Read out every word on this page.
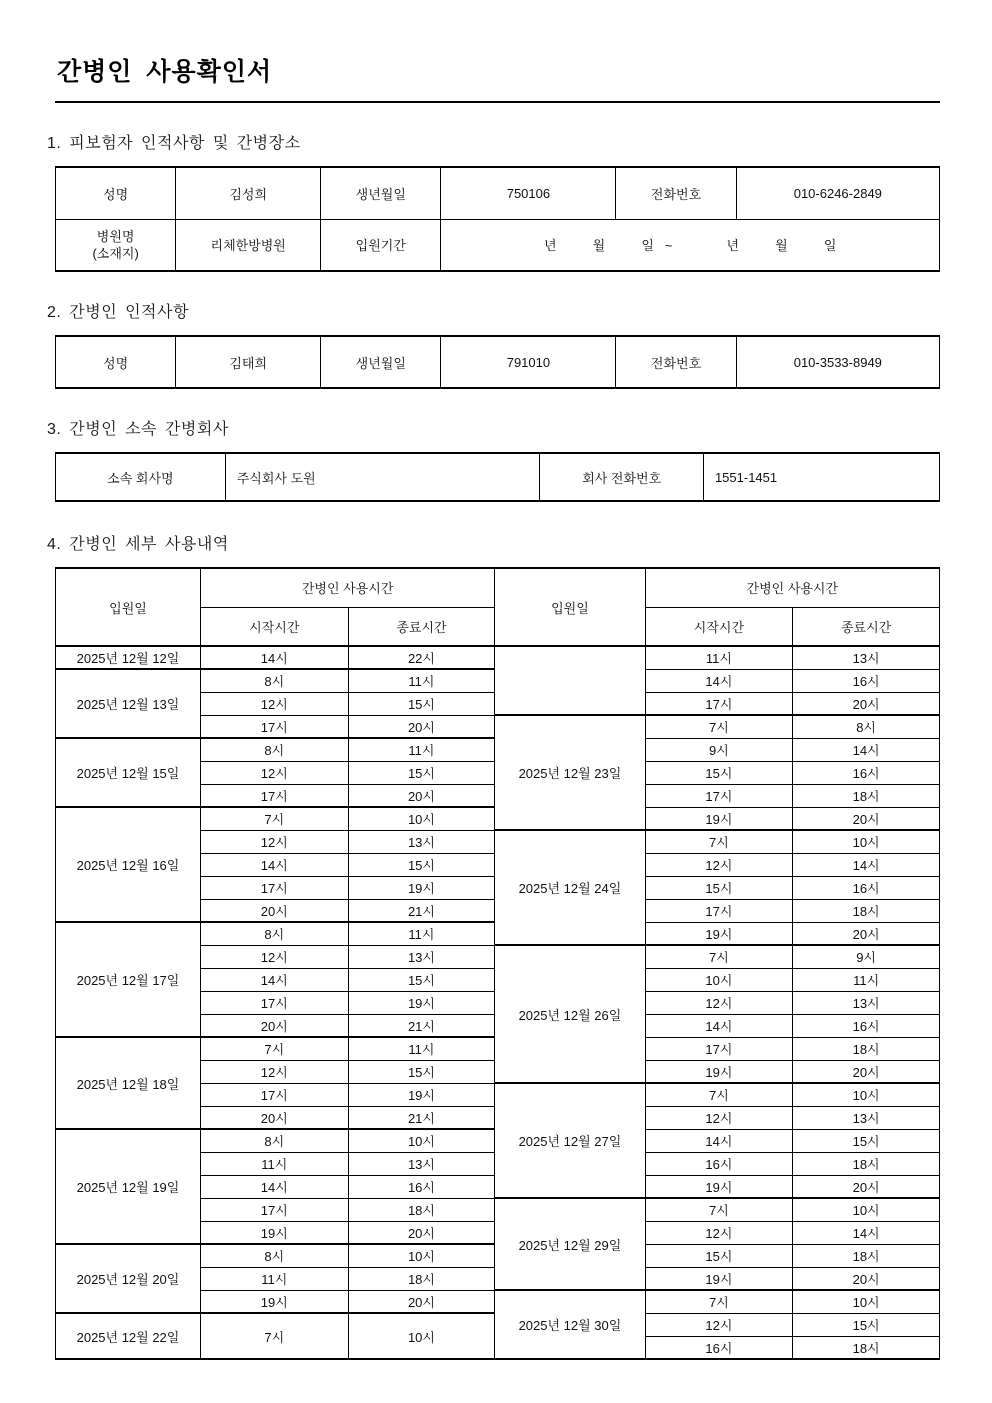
간병인 사용확인서
1. 피보험자 인적사항 및 간병장소
성명	김성희	생년월일	750106	전화번호	010-6246-2849

병원명
(소재지)	리체한방병원	입원기간	년          월          일   ~               년          월          일		
2. 간병인 인적사항
성명	김태희	생년월일	791010	전화번호	010-3533-8949
3. 간병인 소속 간병회사
소속 회사명	주식회사 도원	회사 전화번호	1551-1451
4. 간병인 세부 사용내역
입원일	간병인 사용시간		입원일	간병인 사용시간	
	시작시간	종료시간		시작시간	종료시간
2025년 12월 12일	14시	22시		11시	13시
2025년 12월 13일	8시	11시		14시	16시
	12시	15시		17시	20시
	17시	20시	2025년 12월 23일	7시	8시
2025년 12월 15일	8시	11시		9시	14시
	12시	15시		15시	16시
	17시	20시		17시	18시
2025년 12월 16일	7시	10시		19시	20시
	12시	13시	2025년 12월 24일	7시	10시
	14시	15시		12시	14시
	17시	19시		15시	16시
	20시	21시		17시	18시
2025년 12월 17일	8시	11시		19시	20시
	12시	13시	2025년 12월 26일	7시	9시
	14시	15시		10시	11시
	17시	19시		12시	13시
	20시	21시		14시	16시
2025년 12월 18일	7시	11시		17시	18시
	12시	15시		19시	20시
	17시	19시	2025년 12월 27일	7시	10시
	20시	21시		12시	13시
2025년 12월 19일	8시	10시		14시	15시
	11시	13시		16시	18시
	14시	16시		19시	20시
	17시	18시	2025년 12월 29일	7시	10시
	19시	20시		12시	14시
2025년 12월 20일	8시	10시		15시	18시
	11시	18시		19시	20시
	19시	20시	2025년 12월 30일	7시	10시
2025년 12월 22일	7시	10시		12시	15시
				16시	18시
